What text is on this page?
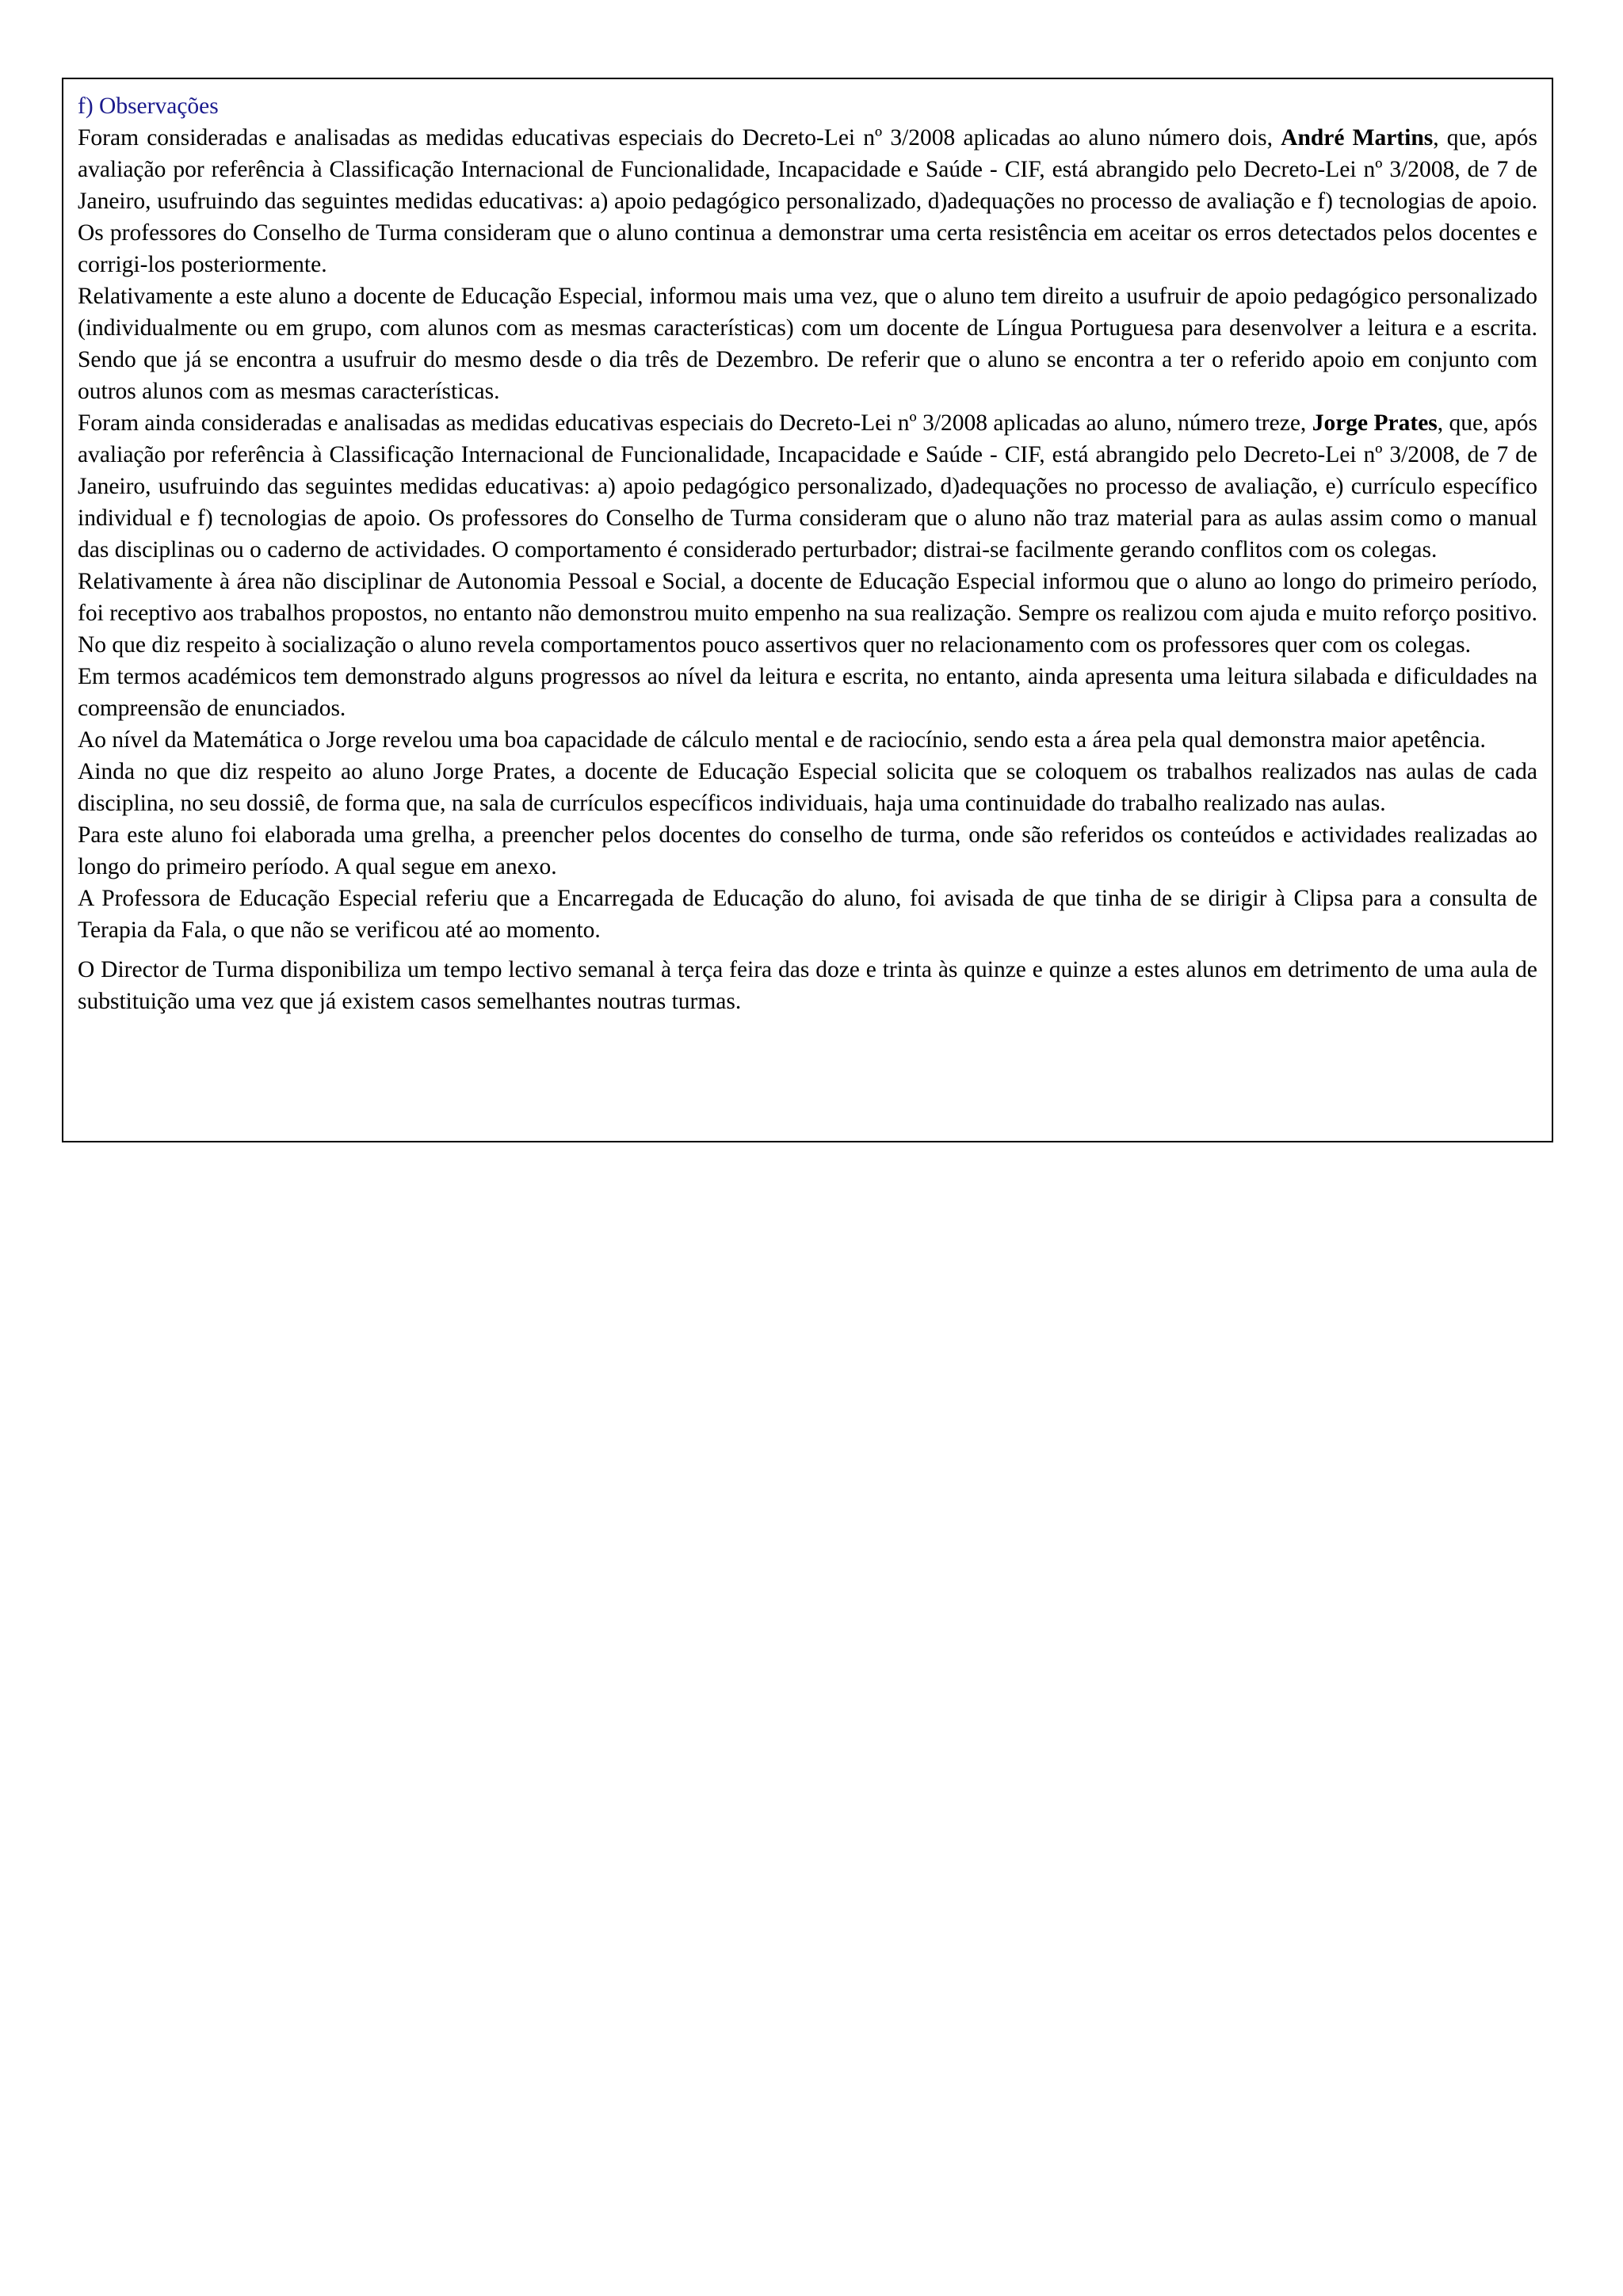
f) Observações

Foram consideradas e analisadas as medidas educativas especiais do Decreto-Lei nº 3/2008 aplicadas ao aluno número dois, André Martins, que, após avaliação por referência à Classificação Internacional de Funcionalidade, Incapacidade e Saúde - CIF, está abrangido pelo Decreto-Lei nº 3/2008, de 7 de Janeiro, usufruindo das seguintes medidas educativas: a) apoio pedagógico personalizado, d)adequações no processo de avaliação e f) tecnologias de apoio. Os professores do Conselho de Turma consideram que o aluno continua a demonstrar uma certa resistência em aceitar os erros detectados pelos docentes e corrigi-los posteriormente.

Relativamente a este aluno a docente de Educação Especial, informou mais uma vez, que o aluno tem direito a usufruir de apoio pedagógico personalizado (individualmente ou em grupo, com alunos com as mesmas características) com um docente de Língua Portuguesa para desenvolver a leitura e a escrita. Sendo que já se encontra a usufruir do mesmo desde o dia três de Dezembro. De referir que o aluno se encontra a ter o referido apoio em conjunto com outros alunos com as mesmas características.

Foram ainda consideradas e analisadas as medidas educativas especiais do Decreto-Lei nº 3/2008 aplicadas ao aluno, número treze, Jorge Prates, que, após avaliação por referência à Classificação Internacional de Funcionalidade, Incapacidade e Saúde - CIF, está abrangido pelo Decreto-Lei nº 3/2008, de 7 de Janeiro, usufruindo das seguintes medidas educativas: a) apoio pedagógico personalizado, d)adequações no processo de avaliação, e) currículo específico individual e f) tecnologias de apoio. Os professores do Conselho de Turma consideram que o aluno não traz material para as aulas assim como o manual das disciplinas ou o caderno de actividades. O comportamento é considerado perturbador; distrai-se facilmente gerando conflitos com os colegas.

Relativamente à área não disciplinar de Autonomia Pessoal e Social, a docente de Educação Especial informou que o aluno ao longo do primeiro período, foi receptivo aos trabalhos propostos, no entanto não demonstrou muito empenho na sua realização. Sempre os realizou com ajuda e muito reforço positivo. No que diz respeito à socialização o aluno revela comportamentos pouco assertivos quer no relacionamento com os professores quer com os colegas.

Em termos académicos tem demonstrado alguns progressos ao nível da leitura e escrita, no entanto, ainda apresenta uma leitura silabada e dificuldades na compreensão de enunciados.

Ao nível da Matemática o Jorge revelou uma boa capacidade de cálculo mental e de raciocínio, sendo esta a área pela qual demonstra maior apetência.

Ainda no que diz respeito ao aluno Jorge Prates, a docente de Educação Especial solicita que se coloquem os trabalhos realizados nas aulas de cada disciplina, no seu dossiê, de forma que, na sala de currículos específicos individuais, haja uma continuidade do trabalho realizado nas aulas.

Para este aluno foi elaborada uma grelha, a preencher pelos docentes do conselho de turma, onde são referidos os conteúdos e actividades realizadas ao longo do primeiro período. A qual segue em anexo.

A Professora de Educação Especial referiu que a Encarregada de Educação do aluno, foi avisada de que tinha de se dirigir à Clipsa para a consulta de Terapia da Fala, o que não se verificou até ao momento.

O Director de Turma disponibiliza um tempo lectivo semanal à terça feira das doze e trinta às quinze e quinze a estes alunos em detrimento de uma aula de substituição uma vez que já existem casos semelhantes noutras turmas.
